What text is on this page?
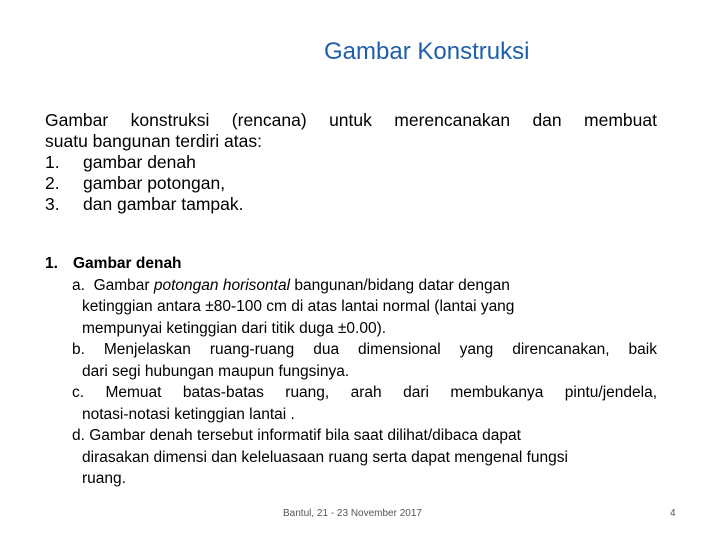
Gambar Konstruksi
Gambar konstruksi (rencana) untuk merencanakan dan membuat
suatu bangunan terdiri atas:
1.	gambar denah
2.	gambar potongan,
3.	dan gambar tampak.
1. Gambar denah
a. Gambar potongan horisontal bangunan/bidang datar dengan
ketinggian antara ±80-100 cm di atas lantai normal (lantai yang
mempunyai ketinggian dari titik duga ±0.00).
b. Menjelaskan ruang-ruang dua dimensional yang direncanakan, baik
dari segi hubungan maupun fungsinya.
c. Memuat batas-batas ruang, arah dari membukanya pintu/jendela,
notasi-notasi ketinggian lantai .
d. Gambar denah tersebut informatif bila saat dilihat/dibaca dapat
dirasakan dimensi dan keleluasaan ruang serta dapat mengenal fungsi
ruang.
Bantul, 21 - 23 November 2017	4
